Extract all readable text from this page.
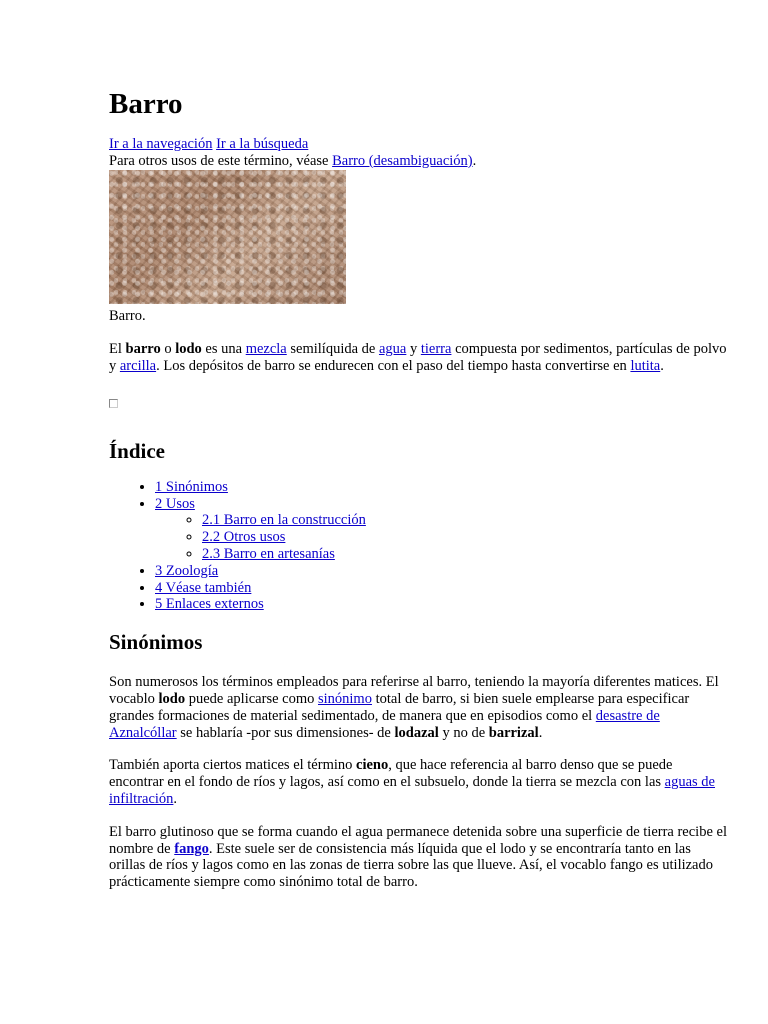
Barro
Ir a la navegación Ir a la búsqueda
Para otros usos de este término, véase Barro (desambiguación).
Barro.

El barro o lodo es una mezcla semilíquida de agua y tierra compuesta por sedimentos, partículas de polvo y arcilla. Los depósitos de barro se endurecen con el paso del tiempo hasta convertirse en lutita.

Índice
• 1 Sinónimos
• 2 Usos
◦ 2.1 Barro en la construcción
◦ 2.2 Otros usos
◦ 2.3 Barro en artesanías
• 3 Zoología
• 4 Véase también
• 5 Enlaces externos
Sinónimos

Son numerosos los términos empleados para referirse al barro, teniendo la mayoría diferentes matices. El vocablo lodo puede aplicarse como sinónimo total de barro, si bien suele emplearse para especificar grandes formaciones de material sedimentado, de manera que en episodios como el desastre de Aznalcóllar se hablaría -por sus dimensiones- de lodazal y no de barrizal.

También aporta ciertos matices el término cieno, que hace referencia al barro denso que se puede encontrar en el fondo de ríos y lagos, así como en el subsuelo, donde la tierra se mezcla con las aguas de infiltración.

El barro glutinoso que se forma cuando el agua permanece detenida sobre una superficie de tierra recibe el nombre de fango. Este suele ser de consistencia más líquida que el lodo y se encontraría tanto en las orillas de ríos y lagos como en las zonas de tierra sobre las que llueve. Así, el vocablo fango es utilizado prácticamente siempre como sinónimo total de barro.
